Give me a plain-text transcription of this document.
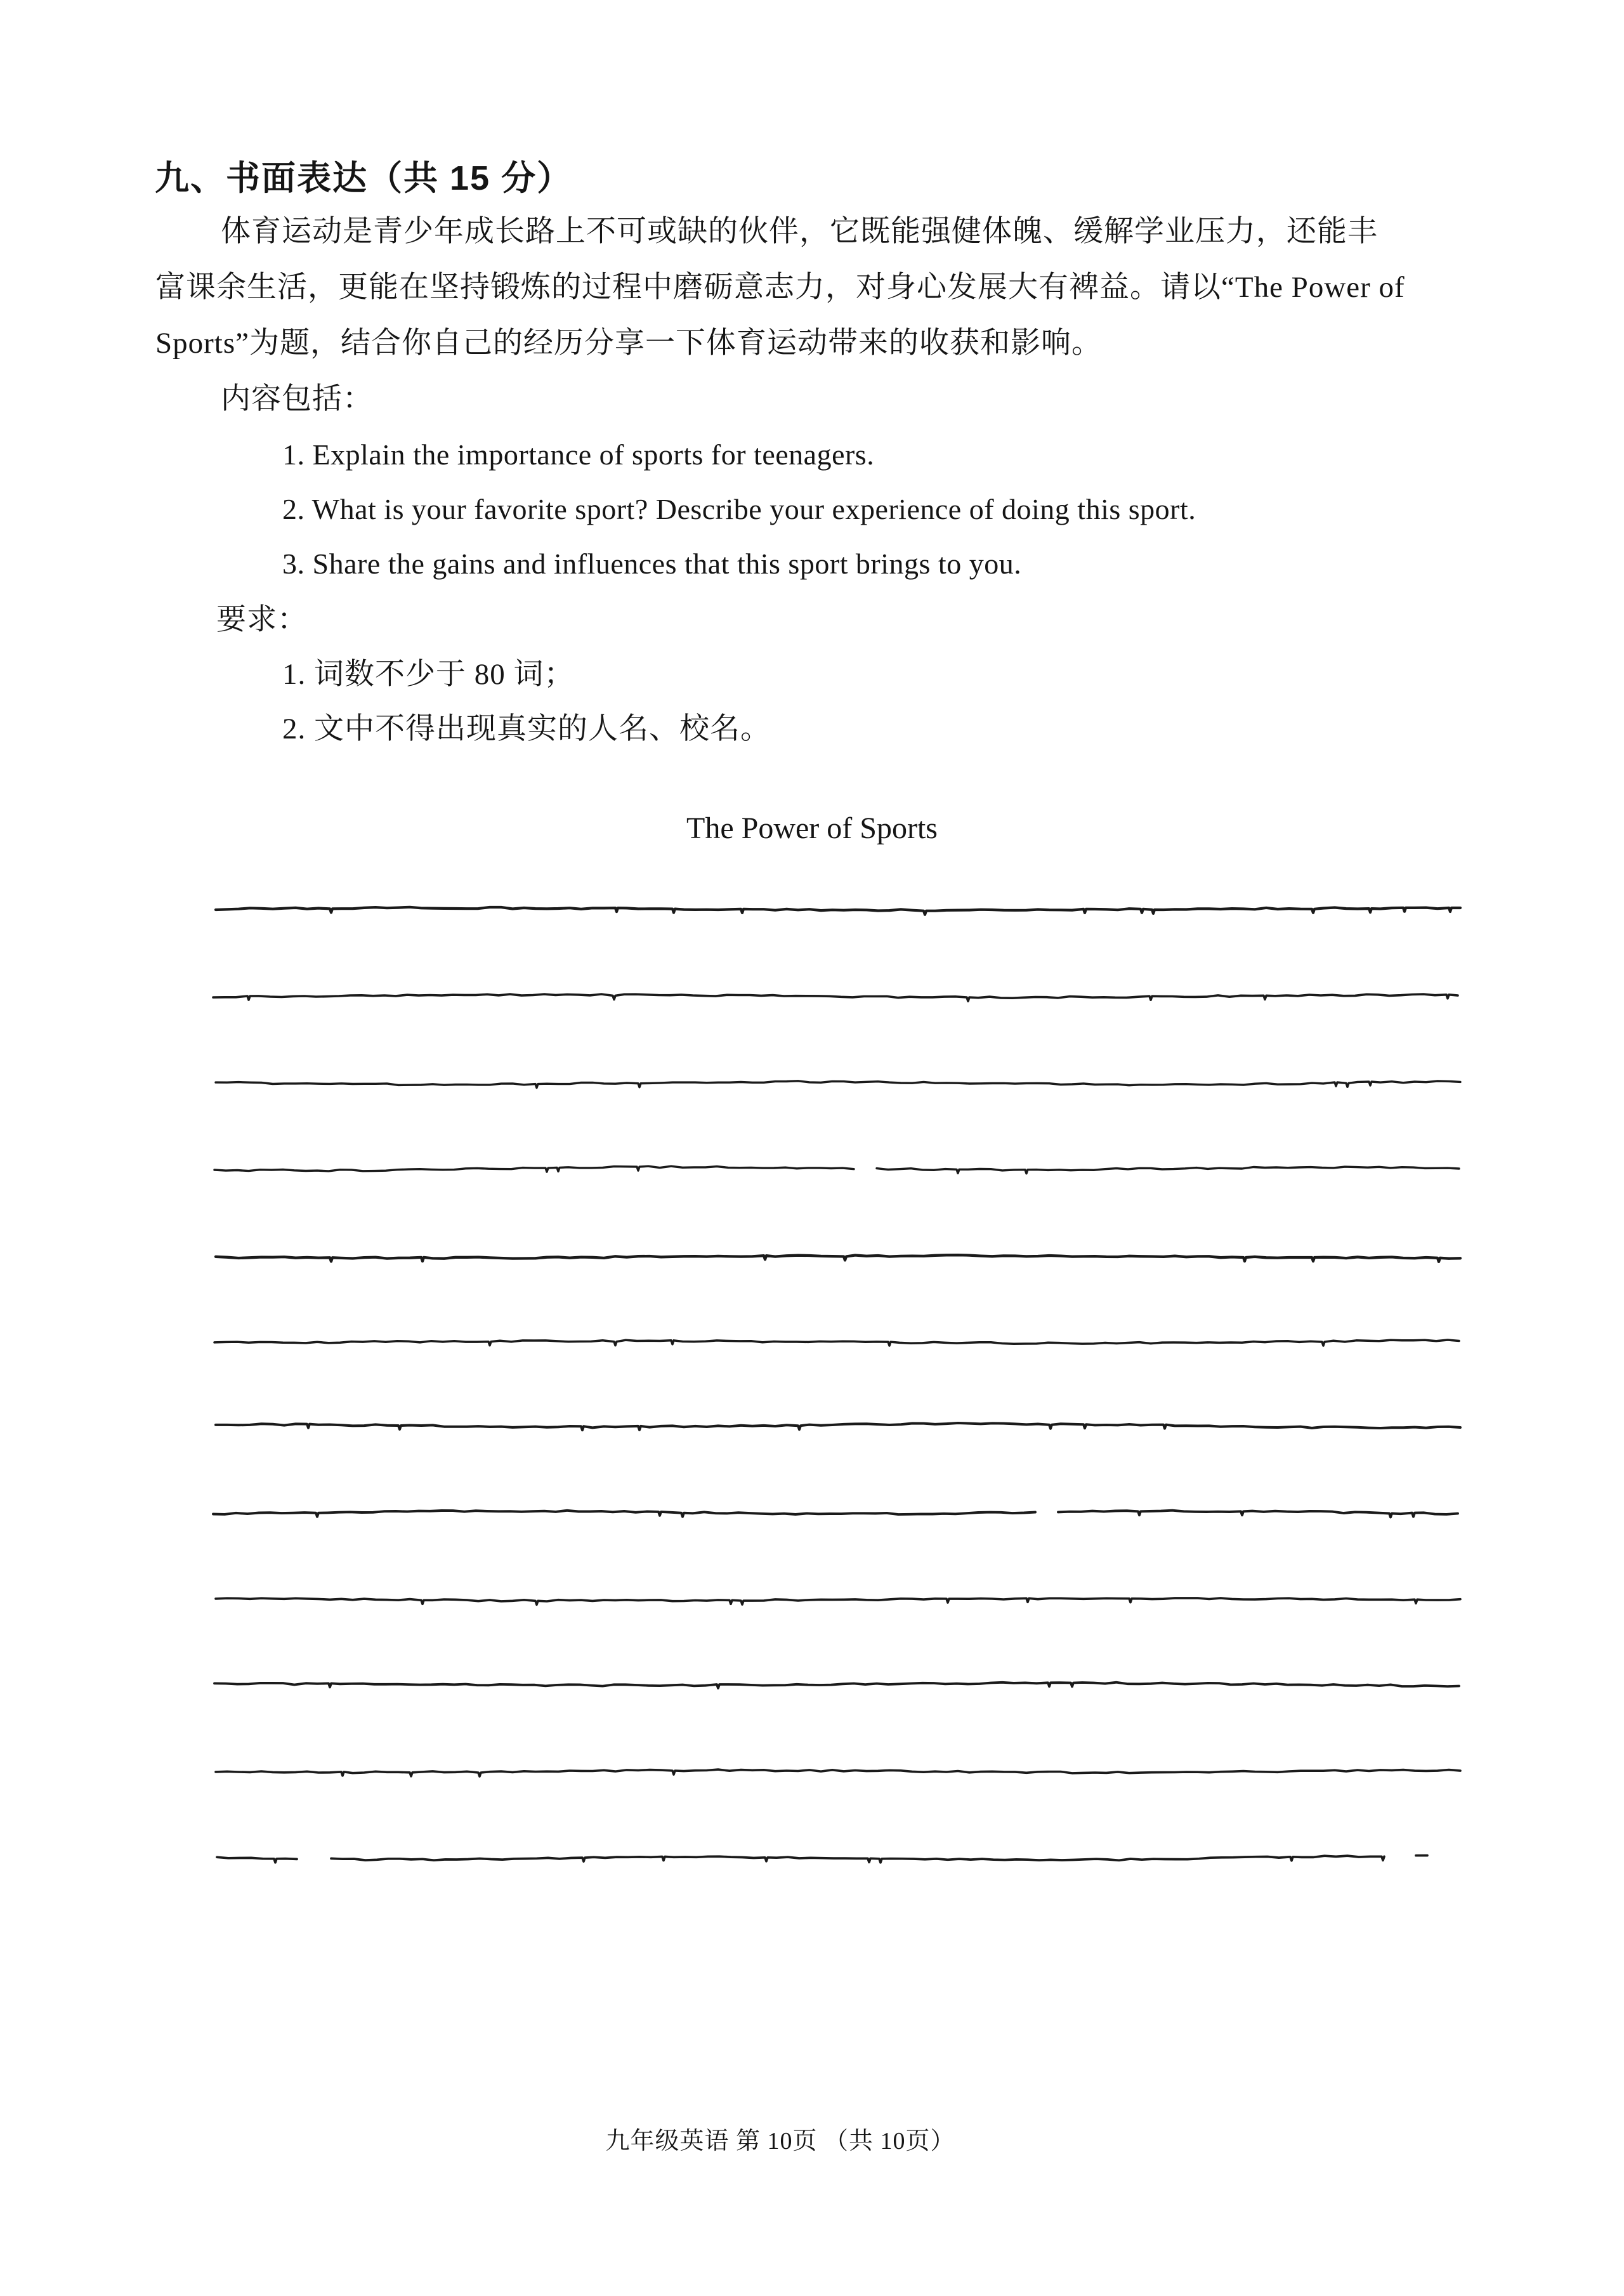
九、书面表达（共 15 分）
体育运动是青少年成长路上不可或缺的伙伴，它既能强健体魄、缓解学业压力，还能丰
富课余生活，更能在坚持锻炼的过程中磨砺意志力，对身心发展大有裨益。请以“The Power of
Sports”为题，结合你自己的经历分享一下体育运动带来的收获和影响。
内容包括：
1. Explain the importance of sports for teenagers.
2. What is your favorite sport? Describe your experience of doing this sport.
3. Share the gains and influences that this sport brings to you.
要求：
1. 词数不少于 80 词；
2. 文中不得出现真实的人名、校名。
The Power of Sports
九年级英语 第 10页 （共 10页）
